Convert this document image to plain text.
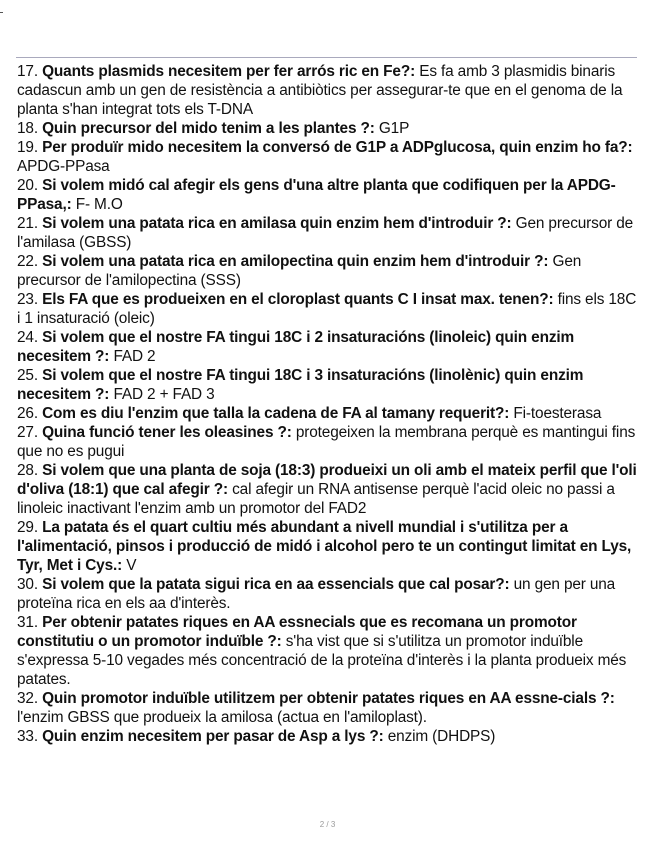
17. Quants plasmids necesitem per fer arrós ric en Fe?: Es fa amb 3 plasmidis binaris cadascun amb un gen de resistència a antibiòtics per assegurar-te que en el genoma de la planta s'han integrat tots els T-DNA
18. Quin precursor del mido tenim a les plantes ?: G1P
19. Per produïr mido necesitem la conversó de G1P a ADPglucosa, quin enzim ho fa?: APDG-PPasa
20. Si volem midó cal afegir els gens d'una altre planta que codifiquen per la APDG-PPasa,: F- M.O
21. Si volem una patata rica en amilasa quin enzim hem d'introduir ?: Gen precursor de l'amilasa (GBSS)
22. Si volem una patata rica en amilopectina quin enzim hem d'introduir ?: Gen precursor de l'amilopectina (SSS)
23. Els FA que es produeixen en el cloroplast quants C I insat max. tenen?: fins els 18C i 1 insaturació (oleic)
24. Si volem que el nostre FA tingui 18C i 2 insaturacións (linoleic) quin enzim necesitem ?: FAD 2
25. Si volem que el nostre FA tingui 18C i 3 insaturacións (linolènic) quin enzim necesitem ?: FAD 2 + FAD 3
26. Com es diu l'enzim que talla la cadena de FA al tamany requerit?: Fi-toesterasa
27. Quina funció tener les oleasines ?: protegeixen la membrana perquè es mantingui fins que no es pugui
28. Si volem que una planta de soja (18:3) produeixi un oli amb el mateix perfil que l'oli d'oliva (18:1) que cal afegir ?: cal afegir un RNA antisense perquè l'acid oleic no passi a linoleic inactivant l'enzim amb un promotor del FAD2
29. La patata és el quart cultiu més abundant a nivell mundial i s'utilitza per a l'alimentació, pinsos i producció de midó i alcohol pero te un contingut limitat en Lys, Tyr, Met i Cys.: V
30. Si volem que la patata sigui rica en aa essencials que cal posar?: un gen per una proteïna rica en els aa d'interès.
31. Per obtenir patates riques en AA essnecials que es recomana un promotor constitutiu o un promotor induïble ?: s'ha vist que si s'utilitza un promotor induïble s'expressa 5-10 vegades més concentració de la proteïna d'interès i la planta produeix més patates.
32. Quin promotor induïble utilitzem per obtenir patates riques en AA essne-cials ?: l'enzim GBSS que produeix la amilosa (actua en l'amiloplast).
33. Quin enzim necesitem per pasar de Asp a lys ?: enzim (DHDPS)
2 / 3
